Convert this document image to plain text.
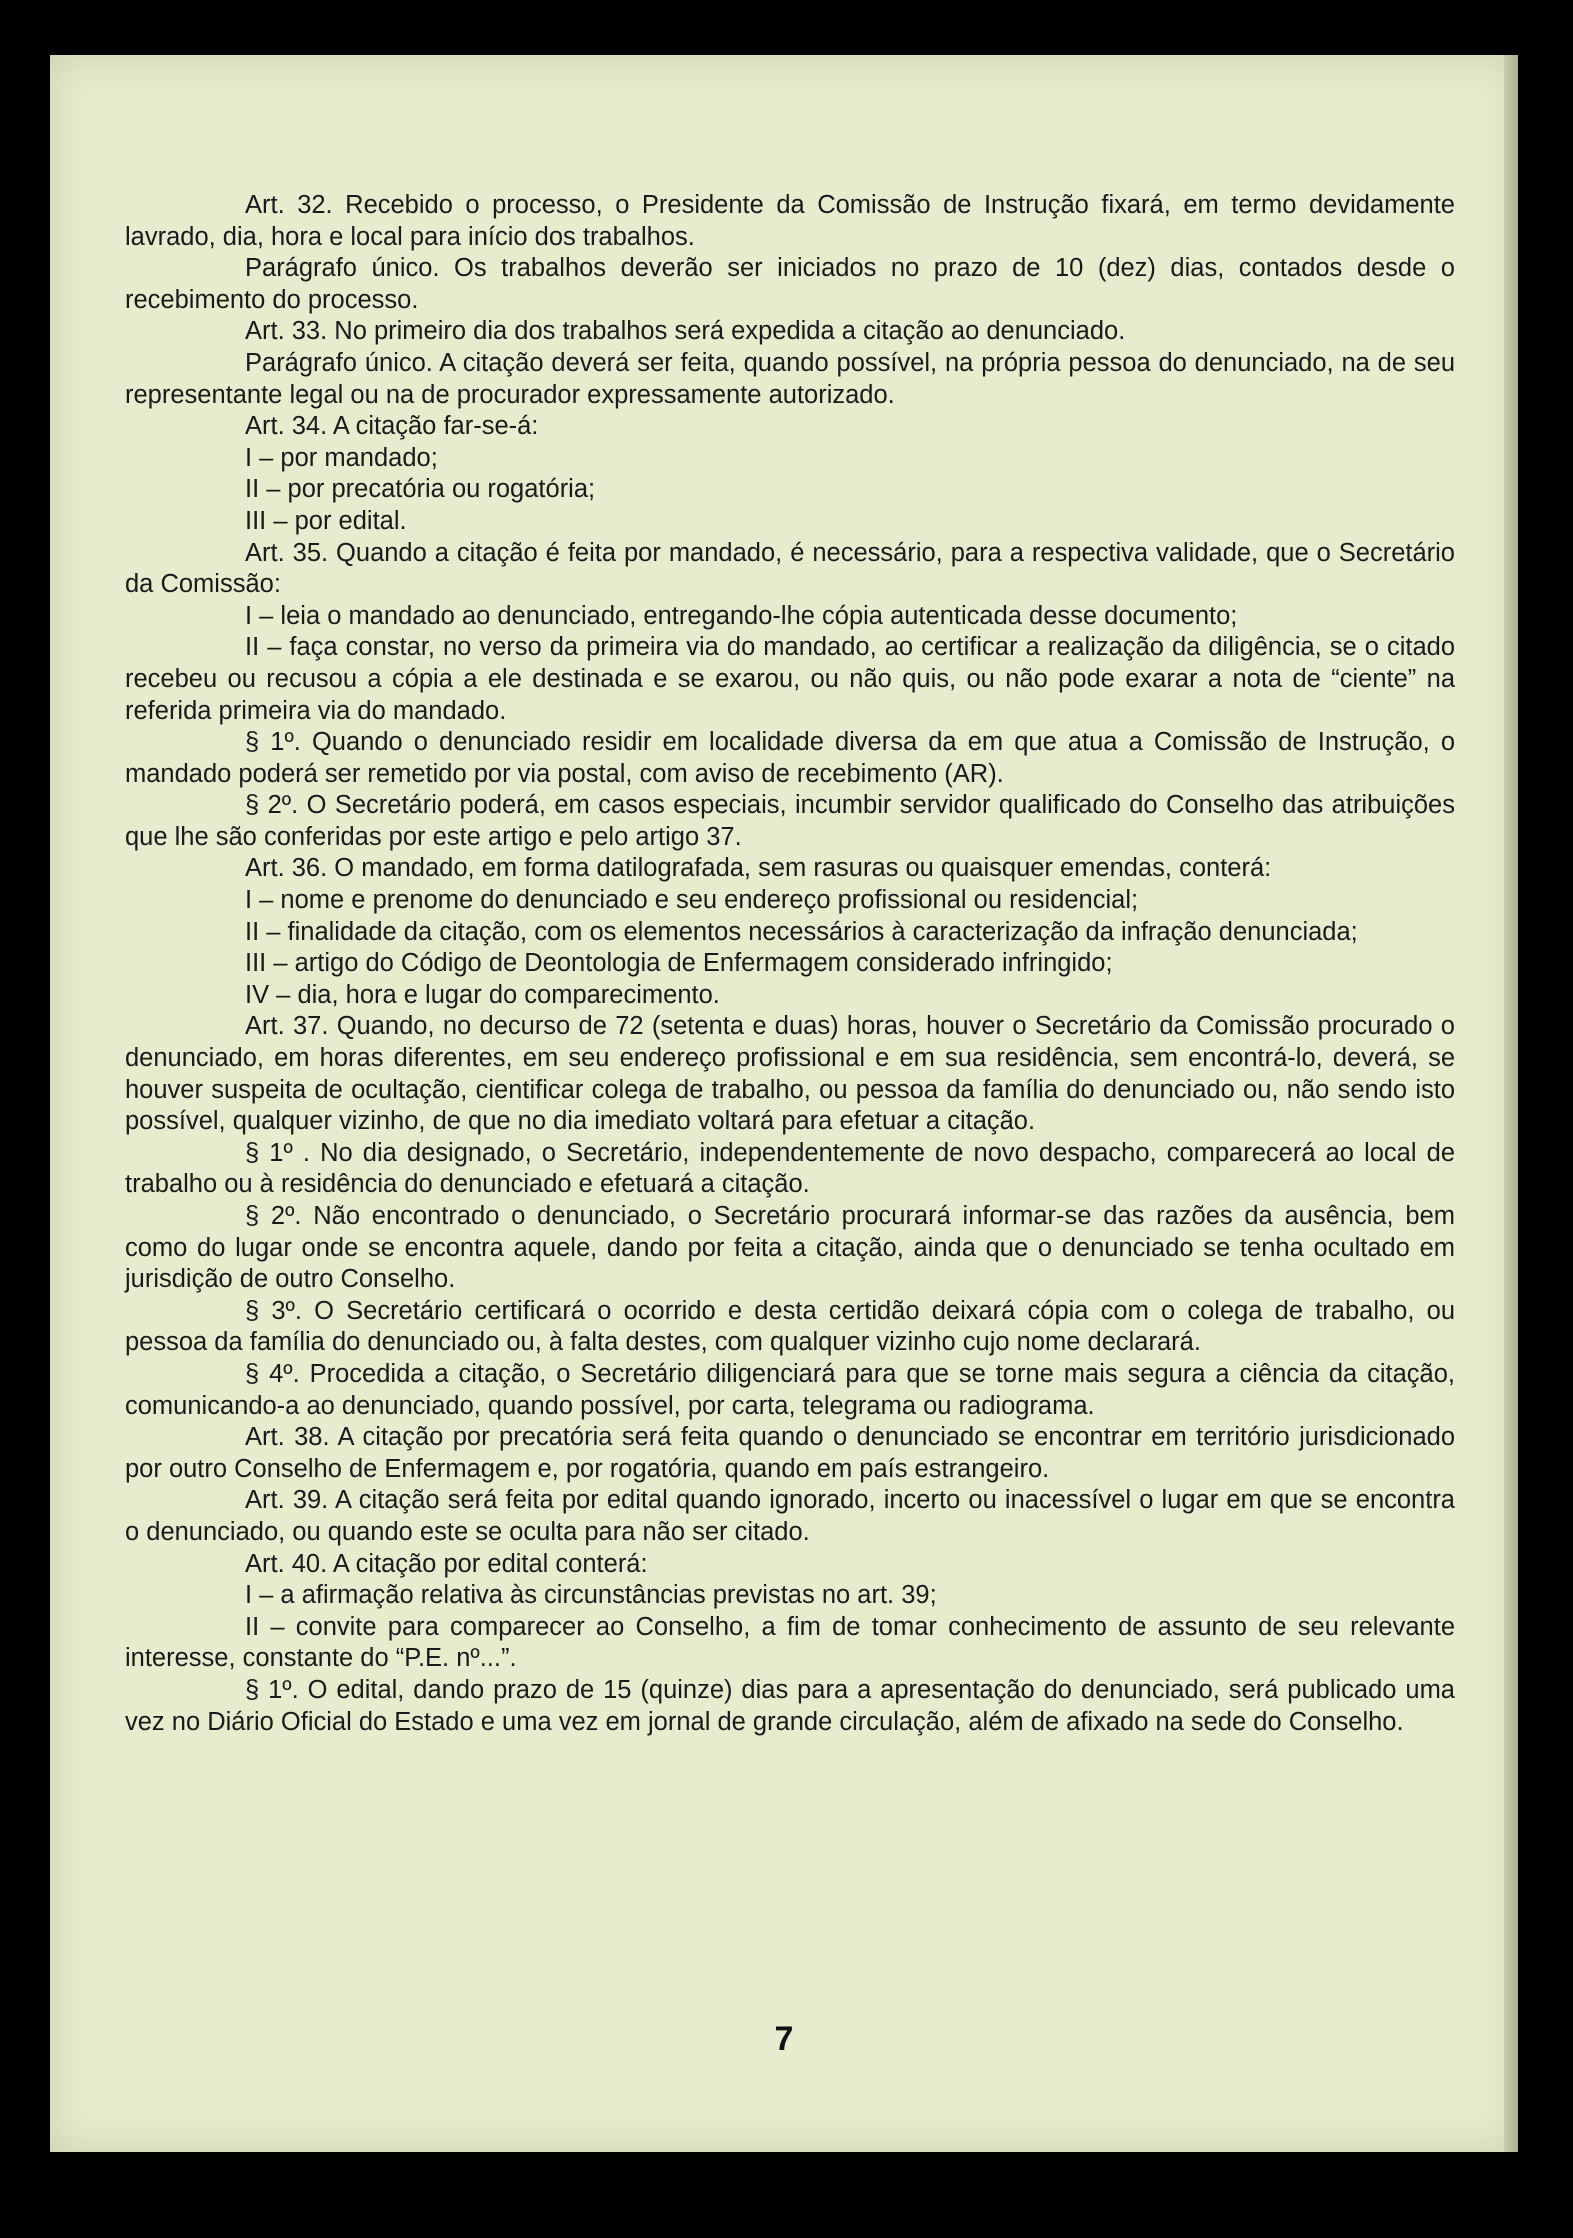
Art. 32. Recebido o processo, o Presidente da Comissão de Instrução fixará, em termo devidamente lavrado, dia, hora e local para início dos trabalhos.

Parágrafo único. Os trabalhos deverão ser iniciados no prazo de 10 (dez) dias, contados desde o recebimento do processo.

Art. 33. No primeiro dia dos trabalhos será expedida a citação ao denunciado.

Parágrafo único. A citação deverá ser feita, quando possível, na própria pessoa do denunciado, na de seu representante legal ou na de procurador expressamente autorizado.

Art. 34. A citação far-se-á:

I – por mandado;

II – por precatória ou rogatória;

III – por edital.

Art. 35. Quando a citação é feita por mandado, é necessário, para a respectiva validade, que o Secretário da Comissão:

I – leia o mandado ao denunciado, entregando-lhe cópia autenticada desse documento;

II – faça constar, no verso da primeira via do mandado, ao certificar a realização da diligência, se o citado recebeu ou recusou a cópia a ele destinada e se exarou, ou não quis, ou não pode exarar a nota de “ciente” na referida primeira via do mandado.

§ 1º. Quando o denunciado residir em localidade diversa da em que atua a Comissão de Instrução, o mandado poderá ser remetido por via postal, com aviso de recebimento (AR).

§ 2º. O Secretário poderá, em casos especiais, incumbir servidor qualificado do Conselho das atribuições que lhe são conferidas por este artigo e pelo artigo 37.

Art. 36. O mandado, em forma datilografada, sem rasuras ou quaisquer emendas, conterá:

I – nome e prenome do denunciado e seu endereço profissional ou residencial;

II – finalidade da citação, com os elementos necessários à caracterização da infração denunciada;

III – artigo do Código de Deontologia de Enfermagem considerado infringido;

IV – dia, hora e lugar do comparecimento.

Art. 37. Quando, no decurso de 72 (setenta e duas) horas, houver o Secretário da Comissão procurado o denunciado, em horas diferentes, em seu endereço profissional e em sua residência, sem encontrá-lo, deverá, se houver suspeita de ocultação, cientificar colega de trabalho, ou pessoa da família do denunciado ou, não sendo isto possível, qualquer vizinho, de que no dia imediato voltará para efetuar a citação.

§ 1º . No dia designado, o Secretário, independentemente de novo despacho, comparecerá ao local de trabalho ou à residência do denunciado e efetuará a citação.

§ 2º. Não encontrado o denunciado, o Secretário procurará informar-se das razões da ausência, bem como do lugar onde se encontra aquele, dando por feita a citação, ainda que o denunciado se tenha ocultado em jurisdição de outro Conselho.

§ 3º. O Secretário certificará o ocorrido e desta certidão deixará cópia com o colega de trabalho, ou pessoa da família do denunciado ou, à falta destes, com qualquer vizinho cujo nome declarará.

§ 4º. Procedida a citação, o Secretário diligenciará para que se torne mais segura a ciência da citação, comunicando-a ao denunciado, quando possível, por carta, telegrama ou radiograma.

Art. 38. A citação por precatória será feita quando o denunciado se encontrar em território jurisdicionado por outro Conselho de Enfermagem e, por rogatória, quando em país estrangeiro.

Art. 39. A citação será feita por edital quando ignorado, incerto ou inacessível o lugar em que se encontra o denunciado, ou quando este se oculta para não ser citado.

Art. 40. A citação por edital conterá:

I – a afirmação relativa às circunstâncias previstas no art. 39;

II – convite para comparecer ao Conselho, a fim de tomar conhecimento de assunto de seu relevante interesse, constante do “P.E. nº...”.

§ 1º. O edital, dando prazo de 15 (quinze) dias para a apresentação do denunciado, será publicado uma vez no Diário Oficial do Estado e uma vez em jornal de grande circulação, além de afixado na sede do Conselho.

7
